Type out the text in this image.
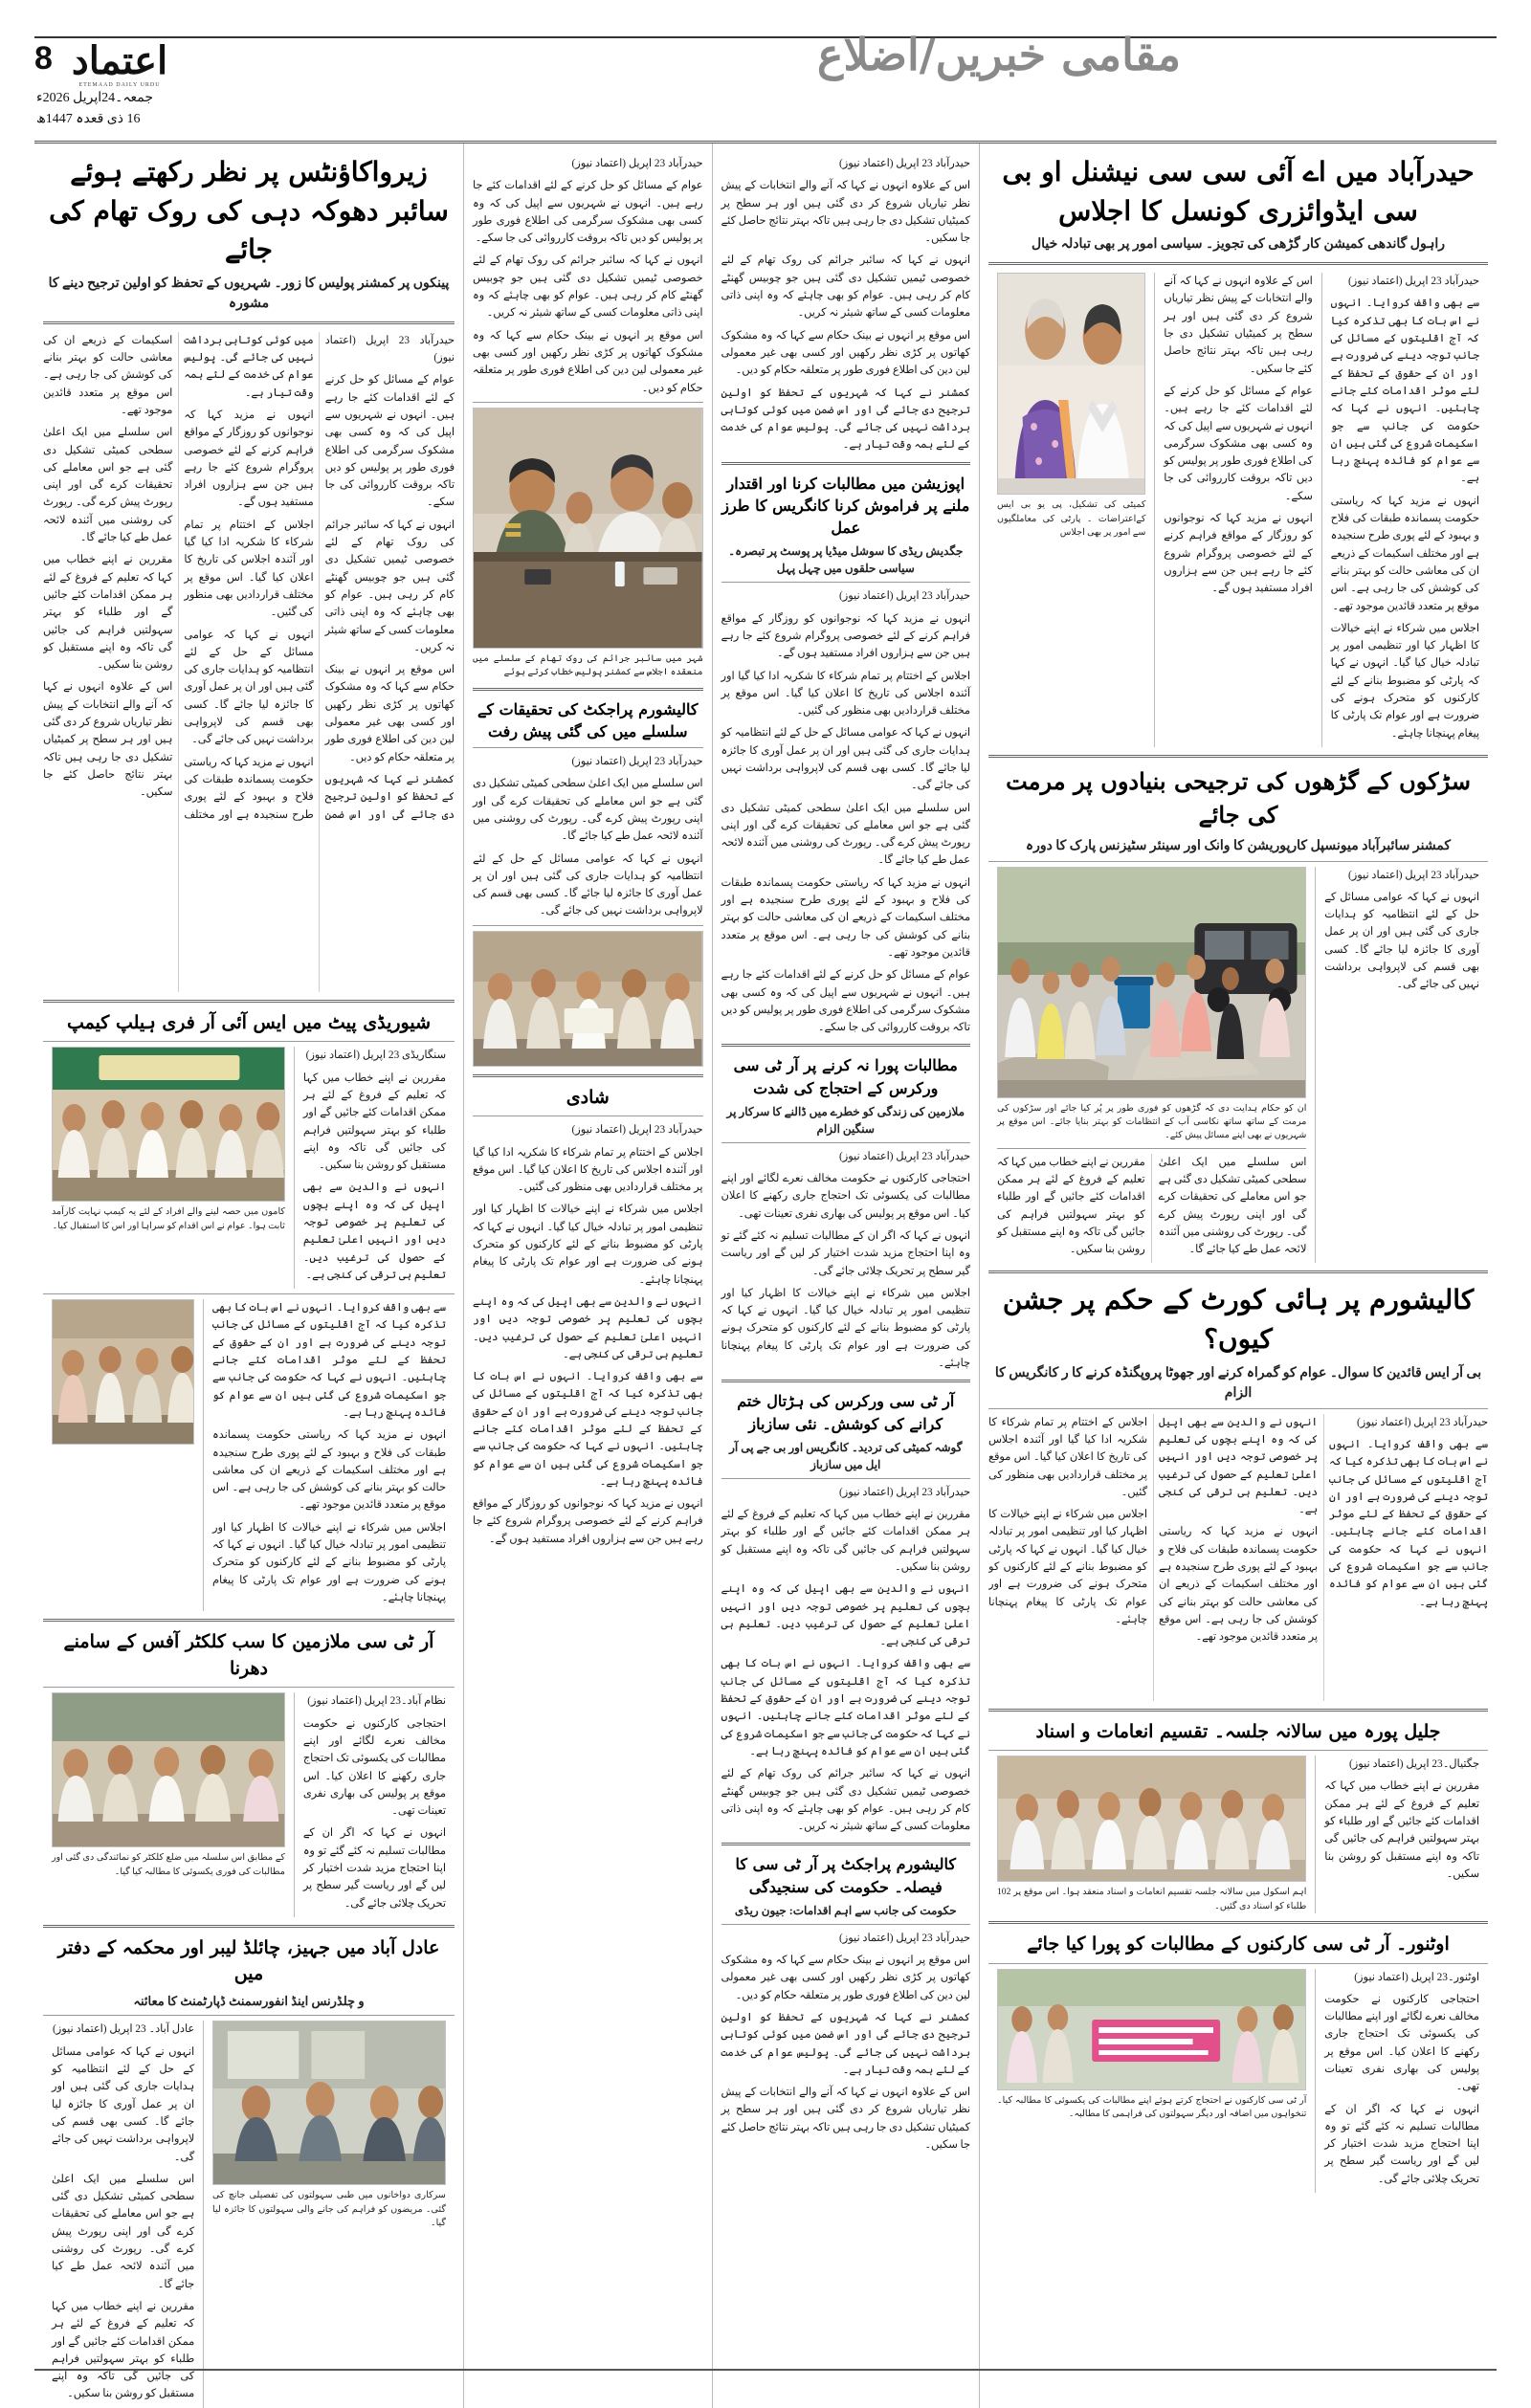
اعتماد
ETEMAAD DAILY URDU
8
جمعہ۔24اپریل 2026ء
16 ذی قعدہ 1447ھ
مقامی خبریں/اضلاع
حیدرآباد میں اے آئی سی سی نیشنل او بی سی ایڈوائزری کونسل کا اجلاس
راہول گاندھی کمیشن کار گڑھی کی تجویز۔ سیاسی امور پر بھی تبادلہ خیال

حیدرآباد 23 اپریل (اعتماد نیوز)

سے بھی واقف کروایا۔ انہوں نے اس بات کا بھی تذکرہ کیا کہ آج اقلیتوں کے مسائل کی جانب توجہ دینے کی ضرورت ہے اور ان کے حقوق کے تحفظ کے لئے موثر اقدامات کئے جانے چاہئیں۔ انہوں نے کہا کہ حکومت کی جانب سے جو اسکیمات شروع کی گئی ہیں ان سے عوام کو فائدہ پہنچ رہا ہے۔

انہوں نے مزید کہا کہ ریاستی حکومت پسماندہ طبقات کی فلاح و بہبود کے لئے پوری طرح سنجیدہ ہے اور مختلف اسکیمات کے ذریعے ان کی معاشی حالت کو بہتر بنانے کی کوشش کی جا رہی ہے۔ اس موقع پر متعدد قائدین موجود تھے۔

اجلاس میں شرکاء نے اپنے خیالات کا اظہار کیا اور تنظیمی امور پر تبادلہ خیال کیا گیا۔ انہوں نے کہا کہ پارٹی کو مضبوط بنانے کے لئے کارکنوں کو متحرک ہونے کی ضرورت ہے اور عوام تک پارٹی کا پیغام پہنچانا چاہئے۔

اس کے علاوہ انہوں نے کہا کہ آنے والے انتخابات کے پیش نظر تیاریاں شروع کر دی گئی ہیں اور ہر سطح پر کمیٹیاں تشکیل دی جا رہی ہیں تاکہ بہتر نتائج حاصل کئے جا سکیں۔

عوام کے مسائل کو حل کرنے کے لئے اقدامات کئے جا رہے ہیں۔ انہوں نے شہریوں سے اپیل کی کہ وہ کسی بھی مشکوک سرگرمی کی اطلاع فوری طور پر پولیس کو دیں تاکہ بروقت کارروائی کی جا سکے۔

انہوں نے مزید کہا کہ نوجوانوں کو روزگار کے مواقع فراہم کرنے کے لئے خصوصی پروگرام شروع کئے جا رہے ہیں جن سے ہزاروں افراد مستفید ہوں گے۔

کمیٹی کی تشکیل، پی یو بی ایس کےاعتراضات ۔ پارٹی کی معاملگیوں سے امور پر بھی اجلاس
سڑکوں کے گڑھوں کی ترجیحی بنیادوں پر مرمت کی جائے
کمشنر سائبرآباد میونسپل کارپوریشن کا وانک اور سینئر سٹیزنس پارک کا دورہ

حیدرآباد 23 اپریل (اعتماد نیوز)

انہوں نے کہا کہ عوامی مسائل کے حل کے لئے انتظامیہ کو ہدایات جاری کی گئی ہیں اور ان پر عمل آوری کا جائزہ لیا جائے گا۔ کسی بھی قسم کی لاپرواہی برداشت نہیں کی جائے گی۔

ان کو حکام ہدایت دی کہ گڑھوں کو فوری طور پر پُر کیا جائے اور سڑکوں کی مرمت کے ساتھ ساتھ نکاسی آب کے انتظامات کو بہتر بنایا جائے۔ اس موقع پر شہریوں نے بھی اپنے مسائل پیش کئے۔

اس سلسلے میں ایک اعلیٰ سطحی کمیٹی تشکیل دی گئی ہے جو اس معاملے کی تحقیقات کرے گی اور اپنی رپورٹ پیش کرے گی۔ رپورٹ کی روشنی میں آئندہ لائحہ عمل طے کیا جائے گا۔

مقررین نے اپنے خطاب میں کہا کہ تعلیم کے فروغ کے لئے ہر ممکن اقدامات کئے جائیں گے اور طلباء کو بہتر سہولتیں فراہم کی جائیں گی تاکہ وہ اپنے مستقبل کو روشن بنا سکیں۔

کالیشورم پر ہائی کورٹ کے حکم پر جشن کیوں؟
بی آر ایس قائدین کا سوال۔ عوام کو گمراہ کرنے اور جھوٹا پروپگنڈہ کرنے کا ر کانگریس کا الزام

حیدرآباد 23 اپریل (اعتماد نیوز)

سے بھی واقف کروایا۔ انہوں نے اس بات کا بھی تذکرہ کیا کہ آج اقلیتوں کے مسائل کی جانب توجہ دینے کی ضرورت ہے اور ان کے حقوق کے تحفظ کے لئے موثر اقدامات کئے جانے چاہئیں۔ انہوں نے کہا کہ حکومت کی جانب سے جو اسکیمات شروع کی گئی ہیں ان سے عوام کو فائدہ پہنچ رہا ہے۔

انہوں نے والدین سے بھی اپیل کی کہ وہ اپنے بچوں کی تعلیم پر خصوصی توجہ دیں اور انہیں اعلیٰ تعلیم کے حصول کی ترغیب دیں۔ تعلیم ہی ترقی کی کنجی ہے۔

انہوں نے مزید کہا کہ ریاستی حکومت پسماندہ طبقات کی فلاح و بہبود کے لئے پوری طرح سنجیدہ ہے اور مختلف اسکیمات کے ذریعے ان کی معاشی حالت کو بہتر بنانے کی کوشش کی جا رہی ہے۔ اس موقع پر متعدد قائدین موجود تھے۔

اجلاس کے اختتام پر تمام شرکاء کا شکریہ ادا کیا گیا اور آئندہ اجلاس کی تاریخ کا اعلان کیا گیا۔ اس موقع پر مختلف قراردادیں بھی منظور کی گئیں۔

اجلاس میں شرکاء نے اپنے خیالات کا اظہار کیا اور تنظیمی امور پر تبادلہ خیال کیا گیا۔ انہوں نے کہا کہ پارٹی کو مضبوط بنانے کے لئے کارکنوں کو متحرک ہونے کی ضرورت ہے اور عوام تک پارٹی کا پیغام پہنچانا چاہئے۔

جلیل پورہ میں سالانہ جلسہ۔ تقسیم انعامات و اسناد

جگتیال۔23 اپریل (اعتماد نیوز)

مقررین نے اپنے خطاب میں کہا کہ تعلیم کے فروغ کے لئے ہر ممکن اقدامات کئے جائیں گے اور طلباء کو بہتر سہولتیں فراہم کی جائیں گی تاکہ وہ اپنے مستقبل کو روشن بنا سکیں۔

اہم اسکول میں سالانہ جلسہ تقسیم انعامات و اسناد منعقد ہوا۔ اس موقع پر 102 طلباء کو اسناد دی گئیں۔
اوٹنور۔ آر ٹی سی کارکنوں کے مطالبات کو پورا کیا جائے

اوٹنور۔23 اپریل (اعتماد نیوز)

احتجاجی کارکنوں نے حکومت مخالف نعرے لگائے اور اپنے مطالبات کی یکسوئی تک احتجاج جاری رکھنے کا اعلان کیا۔ اس موقع پر پولیس کی بھاری نفری تعینات تھی۔

انہوں نے کہا کہ اگر ان کے مطالبات تسلیم نہ کئے گئے تو وہ اپنا احتجاج مزید شدت اختیار کر لیں گے اور ریاست گیر سطح پر تحریک چلائی جائے گی۔

آر ٹی سی کارکنوں نے احتجاج کرتے ہوئے اپنے مطالبات کی یکسوئی کا مطالبہ کیا۔ تنخواہوں میں اضافہ اور دیگر سہولتوں کی فراہمی کا مطالبہ۔

حیدرآباد 23 اپریل (اعتماد نیوز)

اس کے علاوہ انہوں نے کہا کہ آنے والے انتخابات کے پیش نظر تیاریاں شروع کر دی گئی ہیں اور ہر سطح پر کمیٹیاں تشکیل دی جا رہی ہیں تاکہ بہتر نتائج حاصل کئے جا سکیں۔

انہوں نے کہا کہ سائبر جرائم کی روک تھام کے لئے خصوصی ٹیمیں تشکیل دی گئی ہیں جو چوبیس گھنٹے کام کر رہی ہیں۔ عوام کو بھی چاہئے کہ وہ اپنی ذاتی معلومات کسی کے ساتھ شیئر نہ کریں۔

اس موقع پر انہوں نے بینک حکام سے کہا کہ وہ مشکوک کھاتوں پر کڑی نظر رکھیں اور کسی بھی غیر معمولی لین دین کی اطلاع فوری طور پر متعلقہ حکام کو دیں۔

کمشنر نے کہا کہ شہریوں کے تحفظ کو اولین ترجیح دی جائے گی اور اس ضمن میں کوئی کوتاہی برداشت نہیں کی جائے گی۔ پولیس عوام کی خدمت کے لئے ہمہ وقت تیار ہے۔

اپوزیشن میں مطالبات کرنا اور اقتدار ملنے پر فراموش کرنا کانگریس کا طرز عمل
جگدیش ریڈی کا سوشل میڈیا پر پوسٹ پر تبصرہ۔ سیاسی حلقوں میں چہل پہل

حیدرآباد 23 اپریل (اعتماد نیوز)

انہوں نے مزید کہا کہ نوجوانوں کو روزگار کے مواقع فراہم کرنے کے لئے خصوصی پروگرام شروع کئے جا رہے ہیں جن سے ہزاروں افراد مستفید ہوں گے۔

اجلاس کے اختتام پر تمام شرکاء کا شکریہ ادا کیا گیا اور آئندہ اجلاس کی تاریخ کا اعلان کیا گیا۔ اس موقع پر مختلف قراردادیں بھی منظور کی گئیں۔

انہوں نے کہا کہ عوامی مسائل کے حل کے لئے انتظامیہ کو ہدایات جاری کی گئی ہیں اور ان پر عمل آوری کا جائزہ لیا جائے گا۔ کسی بھی قسم کی لاپرواہی برداشت نہیں کی جائے گی۔

اس سلسلے میں ایک اعلیٰ سطحی کمیٹی تشکیل دی گئی ہے جو اس معاملے کی تحقیقات کرے گی اور اپنی رپورٹ پیش کرے گی۔ رپورٹ کی روشنی میں آئندہ لائحہ عمل طے کیا جائے گا۔

انہوں نے مزید کہا کہ ریاستی حکومت پسماندہ طبقات کی فلاح و بہبود کے لئے پوری طرح سنجیدہ ہے اور مختلف اسکیمات کے ذریعے ان کی معاشی حالت کو بہتر بنانے کی کوشش کی جا رہی ہے۔ اس موقع پر متعدد قائدین موجود تھے۔

عوام کے مسائل کو حل کرنے کے لئے اقدامات کئے جا رہے ہیں۔ انہوں نے شہریوں سے اپیل کی کہ وہ کسی بھی مشکوک سرگرمی کی اطلاع فوری طور پر پولیس کو دیں تاکہ بروقت کارروائی کی جا سکے۔

مطالبات پورا نہ کرنے پر آر ٹی سی ورکرس کے احتجاج کی شدت
ملازمین کی زندگی کو خطرے میں ڈالنے کا سرکار پر سنگین الزام

حیدرآباد 23 اپریل (اعتماد نیوز)

احتجاجی کارکنوں نے حکومت مخالف نعرے لگائے اور اپنے مطالبات کی یکسوئی تک احتجاج جاری رکھنے کا اعلان کیا۔ اس موقع پر پولیس کی بھاری نفری تعینات تھی۔

انہوں نے کہا کہ اگر ان کے مطالبات تسلیم نہ کئے گئے تو وہ اپنا احتجاج مزید شدت اختیار کر لیں گے اور ریاست گیر سطح پر تحریک چلائی جائے گی۔

اجلاس میں شرکاء نے اپنے خیالات کا اظہار کیا اور تنظیمی امور پر تبادلہ خیال کیا گیا۔ انہوں نے کہا کہ پارٹی کو مضبوط بنانے کے لئے کارکنوں کو متحرک ہونے کی ضرورت ہے اور عوام تک پارٹی کا پیغام پہنچانا چاہئے۔

آر ٹی سی ورکرس کی ہڑتال ختم کرانے کی کوشش۔ نئی سازباز
گوشہ کمیٹی کی تردید۔ کانگریس اور بی جے پی آر ایل میں سازباز

حیدرآباد 23 اپریل (اعتماد نیوز)

مقررین نے اپنے خطاب میں کہا کہ تعلیم کے فروغ کے لئے ہر ممکن اقدامات کئے جائیں گے اور طلباء کو بہتر سہولتیں فراہم کی جائیں گی تاکہ وہ اپنے مستقبل کو روشن بنا سکیں۔

انہوں نے والدین سے بھی اپیل کی کہ وہ اپنے بچوں کی تعلیم پر خصوصی توجہ دیں اور انہیں اعلیٰ تعلیم کے حصول کی ترغیب دیں۔ تعلیم ہی ترقی کی کنجی ہے۔

سے بھی واقف کروایا۔ انہوں نے اس بات کا بھی تذکرہ کیا کہ آج اقلیتوں کے مسائل کی جانب توجہ دینے کی ضرورت ہے اور ان کے حقوق کے تحفظ کے لئے موثر اقدامات کئے جانے چاہئیں۔ انہوں نے کہا کہ حکومت کی جانب سے جو اسکیمات شروع کی گئی ہیں ان سے عوام کو فائدہ پہنچ رہا ہے۔

انہوں نے کہا کہ سائبر جرائم کی روک تھام کے لئے خصوصی ٹیمیں تشکیل دی گئی ہیں جو چوبیس گھنٹے کام کر رہی ہیں۔ عوام کو بھی چاہئے کہ وہ اپنی ذاتی معلومات کسی کے ساتھ شیئر نہ کریں۔

کالیشورم پراجکٹ پر آر ٹی سی کا فیصلہ۔ حکومت کی سنجیدگی
حکومت کی جانب سے اہم اقدامات: جیون ریڈی

حیدرآباد 23 اپریل (اعتماد نیوز)

اس موقع پر انہوں نے بینک حکام سے کہا کہ وہ مشکوک کھاتوں پر کڑی نظر رکھیں اور کسی بھی غیر معمولی لین دین کی اطلاع فوری طور پر متعلقہ حکام کو دیں۔

کمشنر نے کہا کہ شہریوں کے تحفظ کو اولین ترجیح دی جائے گی اور اس ضمن میں کوئی کوتاہی برداشت نہیں کی جائے گی۔ پولیس عوام کی خدمت کے لئے ہمہ وقت تیار ہے۔

اس کے علاوہ انہوں نے کہا کہ آنے والے انتخابات کے پیش نظر تیاریاں شروع کر دی گئی ہیں اور ہر سطح پر کمیٹیاں تشکیل دی جا رہی ہیں تاکہ بہتر نتائج حاصل کئے جا سکیں۔

حیدرآباد 23 اپریل (اعتماد نیوز)

عوام کے مسائل کو حل کرنے کے لئے اقدامات کئے جا رہے ہیں۔ انہوں نے شہریوں سے اپیل کی کہ وہ کسی بھی مشکوک سرگرمی کی اطلاع فوری طور پر پولیس کو دیں تاکہ بروقت کارروائی کی جا سکے۔

انہوں نے کہا کہ سائبر جرائم کی روک تھام کے لئے خصوصی ٹیمیں تشکیل دی گئی ہیں جو چوبیس گھنٹے کام کر رہی ہیں۔ عوام کو بھی چاہئے کہ وہ اپنی ذاتی معلومات کسی کے ساتھ شیئر نہ کریں۔

اس موقع پر انہوں نے بینک حکام سے کہا کہ وہ مشکوک کھاتوں پر کڑی نظر رکھیں اور کسی بھی غیر معمولی لین دین کی اطلاع فوری طور پر متعلقہ حکام کو دیں۔

شہر میں سائبر جرائم کی روک تھام کے سلسلے میں منعقدہ اجلاس سے کمشنر پولیس خطاب کرتے ہوئے
کالیشورم پراجکٹ کی تحقیقات کے سلسلے میں کی گئی پیش رفت

حیدرآباد 23 اپریل (اعتماد نیوز)

اس سلسلے میں ایک اعلیٰ سطحی کمیٹی تشکیل دی گئی ہے جو اس معاملے کی تحقیقات کرے گی اور اپنی رپورٹ پیش کرے گی۔ رپورٹ کی روشنی میں آئندہ لائحہ عمل طے کیا جائے گا۔

انہوں نے کہا کہ عوامی مسائل کے حل کے لئے انتظامیہ کو ہدایات جاری کی گئی ہیں اور ان پر عمل آوری کا جائزہ لیا جائے گا۔ کسی بھی قسم کی لاپرواہی برداشت نہیں کی جائے گی۔

شادی

حیدرآباد 23 اپریل (اعتماد نیوز)

اجلاس کے اختتام پر تمام شرکاء کا شکریہ ادا کیا گیا اور آئندہ اجلاس کی تاریخ کا اعلان کیا گیا۔ اس موقع پر مختلف قراردادیں بھی منظور کی گئیں۔

اجلاس میں شرکاء نے اپنے خیالات کا اظہار کیا اور تنظیمی امور پر تبادلہ خیال کیا گیا۔ انہوں نے کہا کہ پارٹی کو مضبوط بنانے کے لئے کارکنوں کو متحرک ہونے کی ضرورت ہے اور عوام تک پارٹی کا پیغام پہنچانا چاہئے۔

انہوں نے والدین سے بھی اپیل کی کہ وہ اپنے بچوں کی تعلیم پر خصوصی توجہ دیں اور انہیں اعلیٰ تعلیم کے حصول کی ترغیب دیں۔ تعلیم ہی ترقی کی کنجی ہے۔

سے بھی واقف کروایا۔ انہوں نے اس بات کا بھی تذکرہ کیا کہ آج اقلیتوں کے مسائل کی جانب توجہ دینے کی ضرورت ہے اور ان کے حقوق کے تحفظ کے لئے موثر اقدامات کئے جانے چاہئیں۔ انہوں نے کہا کہ حکومت کی جانب سے جو اسکیمات شروع کی گئی ہیں ان سے عوام کو فائدہ پہنچ رہا ہے۔

انہوں نے مزید کہا کہ نوجوانوں کو روزگار کے مواقع فراہم کرنے کے لئے خصوصی پروگرام شروع کئے جا رہے ہیں جن سے ہزاروں افراد مستفید ہوں گے۔

زیرواکاؤنٹس پر نظر رکھتے ہوئے سائبر دھوکہ دہی کی روک تھام کی جائے
پینکوں پر کمشنر پولیس کا زور۔ شہریوں کے تحفظ کو اولین ترجیح دینے کا مشورہ

حیدرآباد 23 اپریل (اعتماد نیوز)

عوام کے مسائل کو حل کرنے کے لئے اقدامات کئے جا رہے ہیں۔ انہوں نے شہریوں سے اپیل کی کہ وہ کسی بھی مشکوک سرگرمی کی اطلاع فوری طور پر پولیس کو دیں تاکہ بروقت کارروائی کی جا سکے۔

انہوں نے کہا کہ سائبر جرائم کی روک تھام کے لئے خصوصی ٹیمیں تشکیل دی گئی ہیں جو چوبیس گھنٹے کام کر رہی ہیں۔ عوام کو بھی چاہئے کہ وہ اپنی ذاتی معلومات کسی کے ساتھ شیئر نہ کریں۔

اس موقع پر انہوں نے بینک حکام سے کہا کہ وہ مشکوک کھاتوں پر کڑی نظر رکھیں اور کسی بھی غیر معمولی لین دین کی اطلاع فوری طور پر متعلقہ حکام کو دیں۔

کمشنر نے کہا کہ شہریوں کے تحفظ کو اولین ترجیح دی جائے گی اور اس ضمن میں کوئی کوتاہی برداشت نہیں کی جائے گی۔ پولیس عوام کی خدمت کے لئے ہمہ وقت تیار ہے۔

انہوں نے مزید کہا کہ نوجوانوں کو روزگار کے مواقع فراہم کرنے کے لئے خصوصی پروگرام شروع کئے جا رہے ہیں جن سے ہزاروں افراد مستفید ہوں گے۔

اجلاس کے اختتام پر تمام شرکاء کا شکریہ ادا کیا گیا اور آئندہ اجلاس کی تاریخ کا اعلان کیا گیا۔ اس موقع پر مختلف قراردادیں بھی منظور کی گئیں۔

انہوں نے کہا کہ عوامی مسائل کے حل کے لئے انتظامیہ کو ہدایات جاری کی گئی ہیں اور ان پر عمل آوری کا جائزہ لیا جائے گا۔ کسی بھی قسم کی لاپرواہی برداشت نہیں کی جائے گی۔

انہوں نے مزید کہا کہ ریاستی حکومت پسماندہ طبقات کی فلاح و بہبود کے لئے پوری طرح سنجیدہ ہے اور مختلف اسکیمات کے ذریعے ان کی معاشی حالت کو بہتر بنانے کی کوشش کی جا رہی ہے۔ اس موقع پر متعدد قائدین موجود تھے۔

اس سلسلے میں ایک اعلیٰ سطحی کمیٹی تشکیل دی گئی ہے جو اس معاملے کی تحقیقات کرے گی اور اپنی رپورٹ پیش کرے گی۔ رپورٹ کی روشنی میں آئندہ لائحہ عمل طے کیا جائے گا۔

مقررین نے اپنے خطاب میں کہا کہ تعلیم کے فروغ کے لئے ہر ممکن اقدامات کئے جائیں گے اور طلباء کو بہتر سہولتیں فراہم کی جائیں گی تاکہ وہ اپنے مستقبل کو روشن بنا سکیں۔

اس کے علاوہ انہوں نے کہا کہ آنے والے انتخابات کے پیش نظر تیاریاں شروع کر دی گئی ہیں اور ہر سطح پر کمیٹیاں تشکیل دی جا رہی ہیں تاکہ بہتر نتائج حاصل کئے جا سکیں۔

شیوریڈی پیٹ میں ایس آئی آر فری ہیلپ کیمپ

سنگاریڈی 23 اپریل (اعتماد نیوز)

مقررین نے اپنے خطاب میں کہا کہ تعلیم کے فروغ کے لئے ہر ممکن اقدامات کئے جائیں گے اور طلباء کو بہتر سہولتیں فراہم کی جائیں گی تاکہ وہ اپنے مستقبل کو روشن بنا سکیں۔

انہوں نے والدین سے بھی اپیل کی کہ وہ اپنے بچوں کی تعلیم پر خصوصی توجہ دیں اور انہیں اعلیٰ تعلیم کے حصول کی ترغیب دیں۔ تعلیم ہی ترقی کی کنجی ہے۔

کاموں میں حصہ لینے والے افراد کے لئے یہ کیمپ نہایت کارآمد ثابت ہوا۔ عوام نے اس اقدام کو سراہا اور اس کا استقبال کیا۔

سے بھی واقف کروایا۔ انہوں نے اس بات کا بھی تذکرہ کیا کہ آج اقلیتوں کے مسائل کی جانب توجہ دینے کی ضرورت ہے اور ان کے حقوق کے تحفظ کے لئے موثر اقدامات کئے جانے چاہئیں۔ انہوں نے کہا کہ حکومت کی جانب سے جو اسکیمات شروع کی گئی ہیں ان سے عوام کو فائدہ پہنچ رہا ہے۔

انہوں نے مزید کہا کہ ریاستی حکومت پسماندہ طبقات کی فلاح و بہبود کے لئے پوری طرح سنجیدہ ہے اور مختلف اسکیمات کے ذریعے ان کی معاشی حالت کو بہتر بنانے کی کوشش کی جا رہی ہے۔ اس موقع پر متعدد قائدین موجود تھے۔

اجلاس میں شرکاء نے اپنے خیالات کا اظہار کیا اور تنظیمی امور پر تبادلہ خیال کیا گیا۔ انہوں نے کہا کہ پارٹی کو مضبوط بنانے کے لئے کارکنوں کو متحرک ہونے کی ضرورت ہے اور عوام تک پارٹی کا پیغام پہنچانا چاہئے۔

آر ٹی سی ملازمین کا سب کلکٹر آفس کے سامنے دھرنا

نظام آباد۔23 اپریل (اعتماد نیوز)

احتجاجی کارکنوں نے حکومت مخالف نعرے لگائے اور اپنے مطالبات کی یکسوئی تک احتجاج جاری رکھنے کا اعلان کیا۔ اس موقع پر پولیس کی بھاری نفری تعینات تھی۔

انہوں نے کہا کہ اگر ان کے مطالبات تسلیم نہ کئے گئے تو وہ اپنا احتجاج مزید شدت اختیار کر لیں گے اور ریاست گیر سطح پر تحریک چلائی جائے گی۔

کے مطابق اس سلسلہ میں ضلع کلکٹر کو نمائندگی دی گئی اور مطالبات کی فوری یکسوئی کا مطالبہ کیا گیا۔
عادل آباد میں جہیز، چائلڈ لیبر اور محکمہ کے دفتر میں
و چلڈرنس اینڈ انفورسمنٹ ڈپارٹمنٹ کا معائنہ
سرکاری دواخانوں میں طبی سہولتوں کی تفصیلی جانچ کی گئی۔ مریضوں کو فراہم کی جانے والی سہولتوں کا جائزہ لیا گیا۔

عادل آباد۔ 23 اپریل (اعتماد نیوز)

انہوں نے کہا کہ عوامی مسائل کے حل کے لئے انتظامیہ کو ہدایات جاری کی گئی ہیں اور ان پر عمل آوری کا جائزہ لیا جائے گا۔ کسی بھی قسم کی لاپرواہی برداشت نہیں کی جائے گی۔

اس سلسلے میں ایک اعلیٰ سطحی کمیٹی تشکیل دی گئی ہے جو اس معاملے کی تحقیقات کرے گی اور اپنی رپورٹ پیش کرے گی۔ رپورٹ کی روشنی میں آئندہ لائحہ عمل طے کیا جائے گا۔

مقررین نے اپنے خطاب میں کہا کہ تعلیم کے فروغ کے لئے ہر ممکن اقدامات کئے جائیں گے اور طلباء کو بہتر سہولتیں فراہم کی جائیں گی تاکہ وہ اپنے مستقبل کو روشن بنا سکیں۔
